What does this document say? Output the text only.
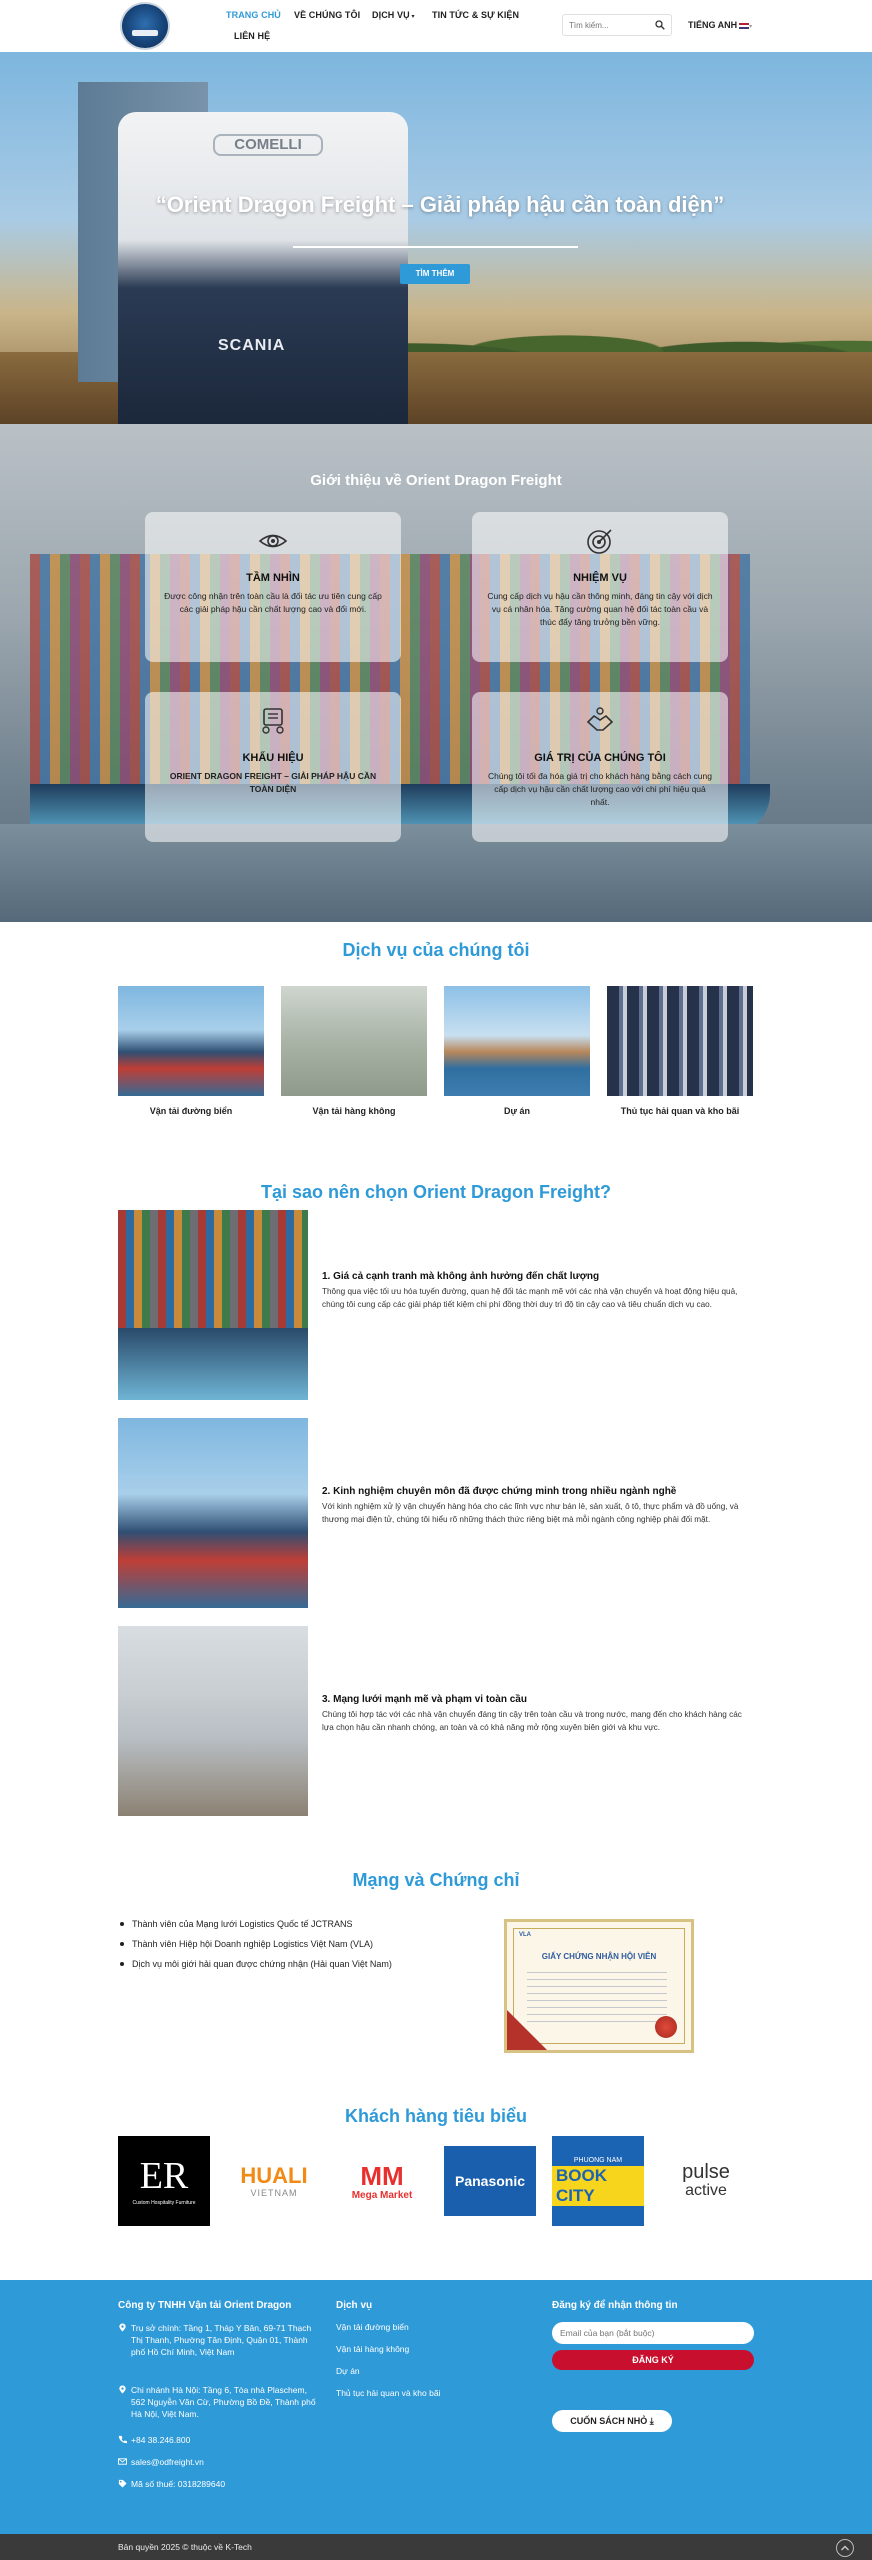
TRANG CHỦ VỀ CHÚNG TÔI DỊCH VỤ ▾ TIN TỨC & SỰ KIỆN
LIÊN HỆ
Tìm kiếm...
TIẾNG ANH ▾
COMELLI
SCANIA
“Orient Dragon Freight – Giải pháp hậu cần toàn diện”
TÌM THÊM
Giới thiệu về Orient Dragon Freight
TẦM NHÌN
Được công nhận trên toàn cầu là đối tác ưu tiên cung cấp các giải pháp hậu cần chất lượng cao và đổi mới.
NHIỆM VỤ
Cung cấp dịch vụ hậu cần thông minh, đáng tin cậy với dịch vụ cá nhân hóa. Tăng cường quan hệ đối tác toàn cầu và thúc đẩy tăng trưởng bền vững.
KHẨU HIỆU
ORIENT DRAGON FREIGHT – GIẢI PHÁP HẬU CẦN TOÀN DIỆN
GIÁ TRỊ CỦA CHÚNG TÔI
Chúng tôi tối đa hóa giá trị cho khách hàng bằng cách cung cấp dịch vụ hậu cần chất lượng cao với chi phí hiệu quả nhất.
Dịch vụ của chúng tôi
Vận tải đường biển	Vận tải hàng không	Dự án	Thủ tục hải quan và kho bãi
Tại sao nên chọn Orient Dragon Freight?
1. Giá cả cạnh tranh mà không ảnh hưởng đến chất lượng
Thông qua việc tối ưu hóa tuyến đường, quan hệ đối tác mạnh mẽ với các nhà vận chuyển và hoạt động hiệu quả, chúng tôi cung cấp các giải pháp tiết kiệm chi phí đồng thời duy trì độ tin cậy cao và tiêu chuẩn dịch vụ cao.
2. Kinh nghiệm chuyên môn đã được chứng minh trong nhiều ngành nghề
Với kinh nghiệm xử lý vận chuyển hàng hóa cho các lĩnh vực như bán lẻ, sản xuất, ô tô, thực phẩm và đồ uống, và thương mại điện tử, chúng tôi hiểu rõ những thách thức riêng biệt mà mỗi ngành công nghiệp phải đối mặt.
3. Mạng lưới mạnh mẽ và phạm vi toàn cầu
Chúng tôi hợp tác với các nhà vận chuyển đáng tin cậy trên toàn cầu và trong nước, mang đến cho khách hàng các lựa chọn hậu cần nhanh chóng, an toàn và có khả năng mở rộng xuyên biên giới và khu vực.
Mạng và Chứng chỉ
Thành viên của Mạng lưới Logistics Quốc tế JCTRANS
Thành viên Hiệp hội Doanh nghiệp Logistics Việt Nam (VLA)
Dịch vụ môi giới hải quan được chứng nhận (Hải quan Việt Nam)
VLA
GIẤY CHỨNG NHẬN HỘI VIÊN
Khách hàng tiêu biểu
ER
Custom Hospitality Furniture
HUALI
VIETNAM
MM
Mega Market
Panasonic
PHUONG NAM
BOOK CITY
pulse
active
Công ty TNHH Vận tải Orient Dragon
Trụ sở chính: Tầng 1, Tháp Y Bân, 69-71 Thạch Thị Thanh, Phường Tân Định, Quận 01, Thành phố Hồ Chí Minh, Việt Nam
Chi nhánh Hà Nội: Tầng 6, Tòa nhà Plaschem, 562 Nguyễn Văn Cừ, Phường Bồ Đề, Thành phố Hà Nội, Việt Nam.
+84 38.246.800
sales@odfreight.vn
Mã số thuế: 0318289640
Dịch vụ
Vận tải đường biển
Vận tải hàng không
Dự án
Thủ tục hải quan và kho bãi
Đăng ký để nhận thông tin
Email của bạn (bắt buộc)
ĐĂNG KÝ
CUỐN SÁCH NHỎ ⤓
Bản quyền 2025 © thuộc về K-Tech
